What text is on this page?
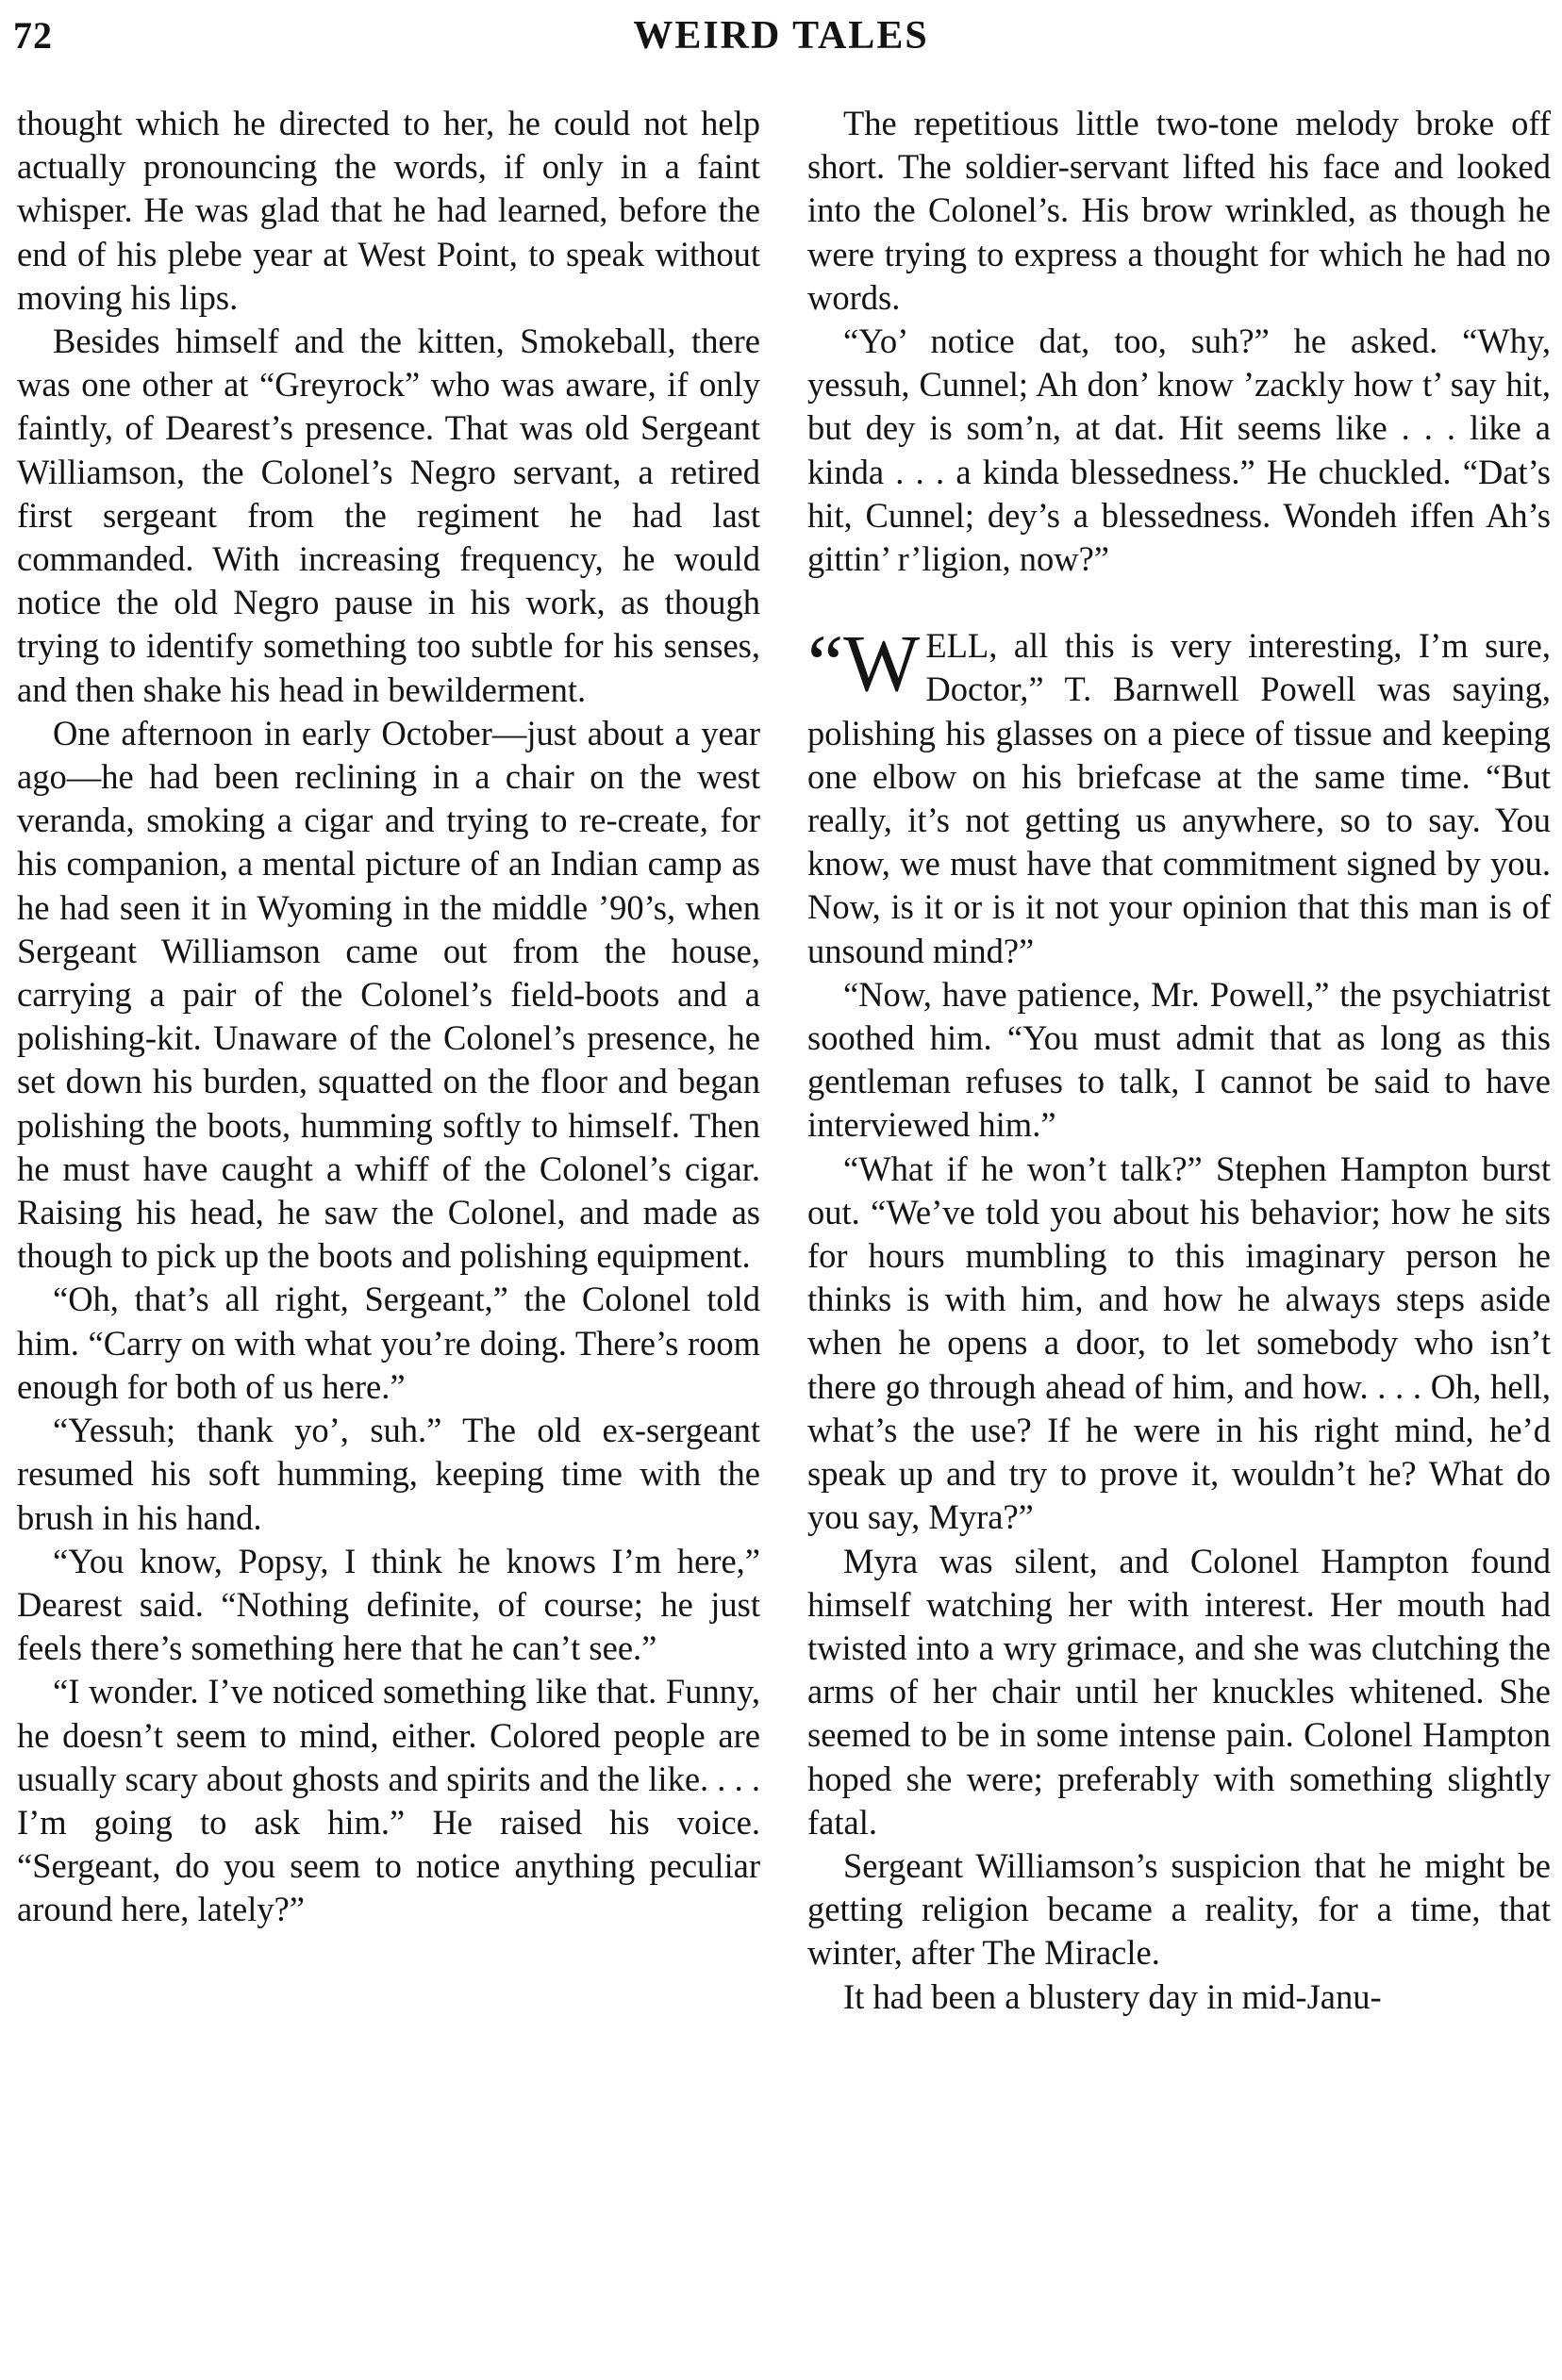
72	WEIRD TALES

thought which he directed to her, he could not help actually pronouncing the words, if only in a faint whisper. He was glad that he had learned, before the end of his plebe year at West Point, to speak without moving his lips.

Besides himself and the kitten, Smokeball, there was one other at “Greyrock” who was aware, if only faintly, of Dearest’s presence. That was old Sergeant Williamson, the Colonel’s Negro servant, a retired first sergeant from the regiment he had last commanded. With increasing frequency, he would notice the old Negro pause in his work, as though trying to identify something too subtle for his senses, and then shake his head in bewilderment.

One afternoon in early October—just about a year ago—he had been reclining in a chair on the west veranda, smoking a cigar and trying to re-create, for his companion, a mental picture of an Indian camp as he had seen it in Wyoming in the middle ’90’s, when Sergeant Williamson came out from the house, carrying a pair of the Colonel’s field-boots and a polishing-kit. Unaware of the Colonel’s presence, he set down his burden, squatted on the floor and began polishing the boots, humming softly to himself. Then he must have caught a whiff of the Colonel’s cigar. Raising his head, he saw the Colonel, and made as though to pick up the boots and polishing equipment.

“Oh, that’s all right, Sergeant,” the Colonel told him. “Carry on with what you’re doing. There’s room enough for both of us here.”

“Yessuh; thank yo’, suh.” The old ex-sergeant resumed his soft humming, keeping time with the brush in his hand.

“You know, Popsy, I think he knows I’m here,” Dearest said. “Nothing definite, of course; he just feels there’s something here that he can’t see.”

“I wonder. I’ve noticed something like that. Funny, he doesn’t seem to mind, either. Colored people are usually scary about ghosts and spirits and the like. . . . I’m going to ask him.” He raised his voice. “Sergeant, do you seem to notice anything peculiar around here, lately?”

The repetitious little two-tone melody broke off short. The soldier-servant lifted his face and looked into the Colonel’s. His brow wrinkled, as though he were trying to express a thought for which he had no words.

“Yo’ notice dat, too, suh?” he asked. “Why, yessuh, Cunnel; Ah don’ know ’zackly how t’ say hit, but dey is som’n, at dat. Hit seems like . . . like a kinda . . . a kinda blessedness.” He chuckled. “Dat’s hit, Cunnel; dey’s a blessedness. Wondeh iffen Ah’s gittin’ r’ligion, now?”

“W ELL, all this is very interesting, I’m sure, Doctor,” T. Barnwell Powell was saying, polishing his glasses on a piece of tissue and keeping one elbow on his briefcase at the same time. “But really, it’s not getting us anywhere, so to say. You know, we must have that commitment signed by you. Now, is it or is it not your opinion that this man is of unsound mind?”

“Now, have patience, Mr. Powell,” the psychiatrist soothed him. “You must admit that as long as this gentleman refuses to talk, I cannot be said to have interviewed him.”

“What if he won’t talk?” Stephen Hampton burst out. “We’ve told you about his behavior; how he sits for hours mumbling to this imaginary person he thinks is with him, and how he always steps aside when he opens a door, to let somebody who isn’t there go through ahead of him, and how. . . . Oh, hell, what’s the use? If he were in his right mind, he’d speak up and try to prove it, wouldn’t he? What do you say, Myra?”

Myra was silent, and Colonel Hampton found himself watching her with interest. Her mouth had twisted into a wry grimace, and she was clutching the arms of her chair until her knuckles whitened. She seemed to be in some intense pain. Colonel Hampton hoped she were; preferably with something slightly fatal.

Sergeant Williamson’s suspicion that he might be getting religion became a reality, for a time, that winter, after The Miracle.

It had been a blustery day in mid-Janu-
